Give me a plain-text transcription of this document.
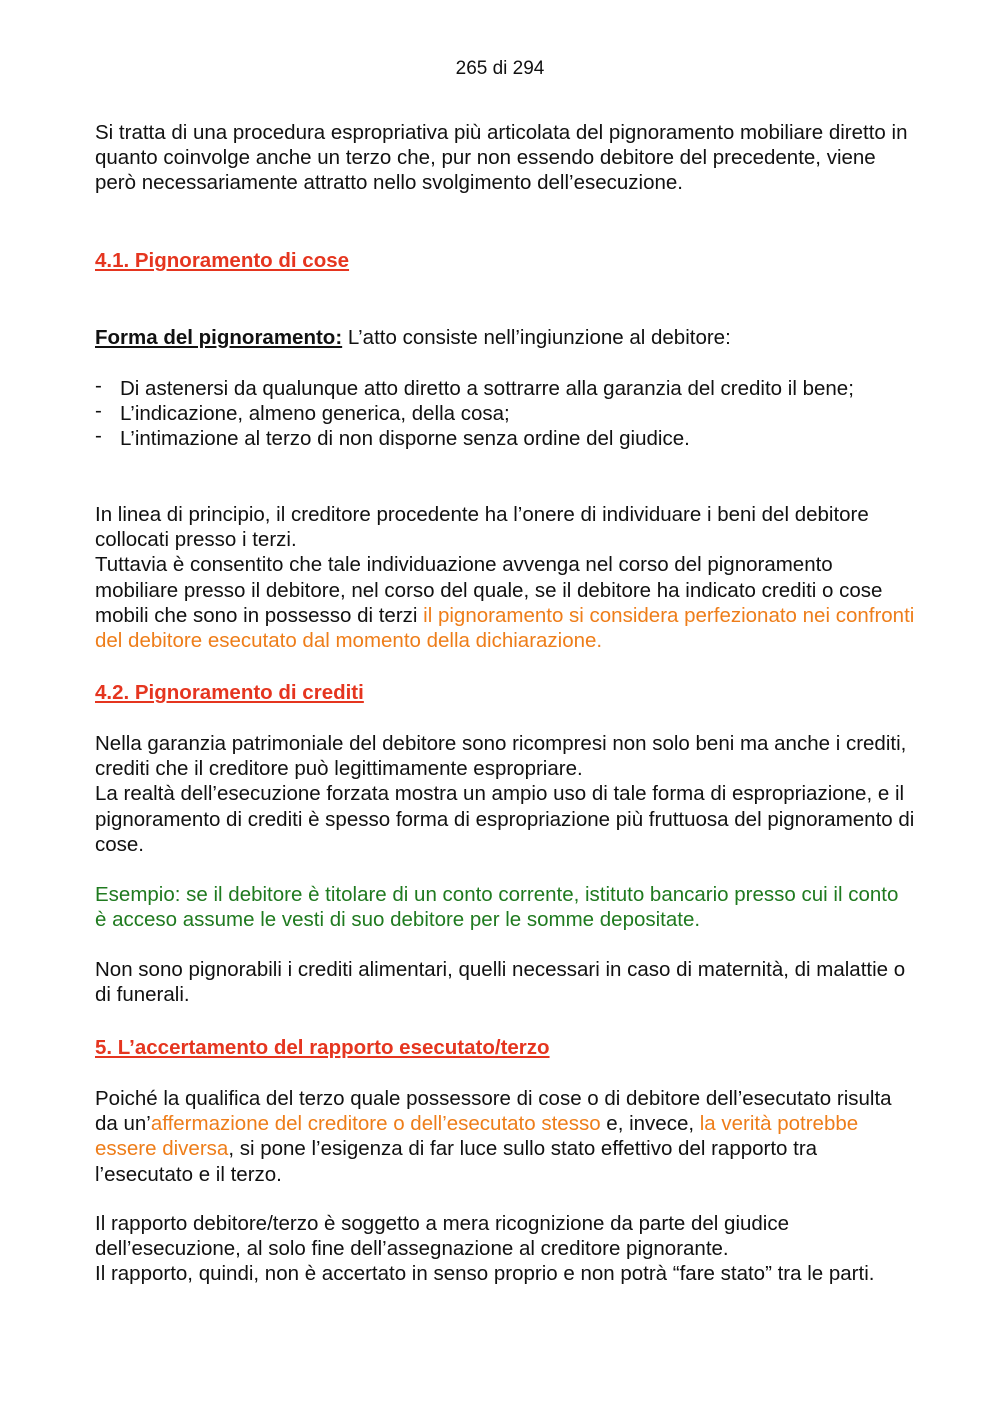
265 di 294

Si tratta di una procedura espropriativa più articolata del pignoramento mobiliare diretto in quanto coinvolge anche un terzo che, pur non essendo debitore del precedente, viene però necessariamente attratto nello svolgimento dell’esecuzione.

4.1. Pignoramento di cose

Forma del pignoramento: L’atto consiste nell’ingiunzione al debitore:

- Di astenersi da qualunque atto diretto a sottrarre alla garanzia del credito il bene;
- L’indicazione, almeno generica, della cosa;
- L’intimazione al terzo di non disporne senza ordine del giudice.

In linea di principio, il creditore procedente ha l’onere di individuare i beni del debitore collocati presso i terzi.

Tuttavia è consentito che tale individuazione avvenga nel corso del pignoramento mobiliare presso il debitore, nel corso del quale, se il debitore ha indicato crediti o cose mobili che sono in possesso di terzi il pignoramento si considera perfezionato nei confronti del debitore esecutato dal momento della dichiarazione.

4.2. Pignoramento di crediti

Nella garanzia patrimoniale del debitore sono ricompresi non solo beni ma anche i crediti, crediti che il creditore può legittimamente espropriare.

La realtà dell’esecuzione forzata mostra un ampio uso di tale forma di espropriazione, e il pignoramento di crediti è spesso forma di espropriazione più fruttuosa del pignoramento di cose.

Esempio: se il debitore è titolare di un conto corrente, istituto bancario presso cui il conto è acceso assume le vesti di suo debitore per le somme depositate.

Non sono pignorabili i crediti alimentari, quelli necessari in caso di maternità, di malattie o di funerali.

5. L’accertamento del rapporto esecutato/terzo

Poiché la qualifica del terzo quale possessore di cose o di debitore dell’esecutato risulta da un’affermazione del creditore o dell’esecutato stesso e, invece, la verità potrebbe essere diversa, si pone l’esigenza di far luce sullo stato effettivo del rapporto tra l’esecutato e il terzo.

Il rapporto debitore/terzo è soggetto a mera ricognizione da parte del giudice dell’esecuzione, al solo fine dell’assegnazione al creditore pignorante.

Il rapporto, quindi, non è accertato in senso proprio e non potrà “fare stato” tra le parti.
